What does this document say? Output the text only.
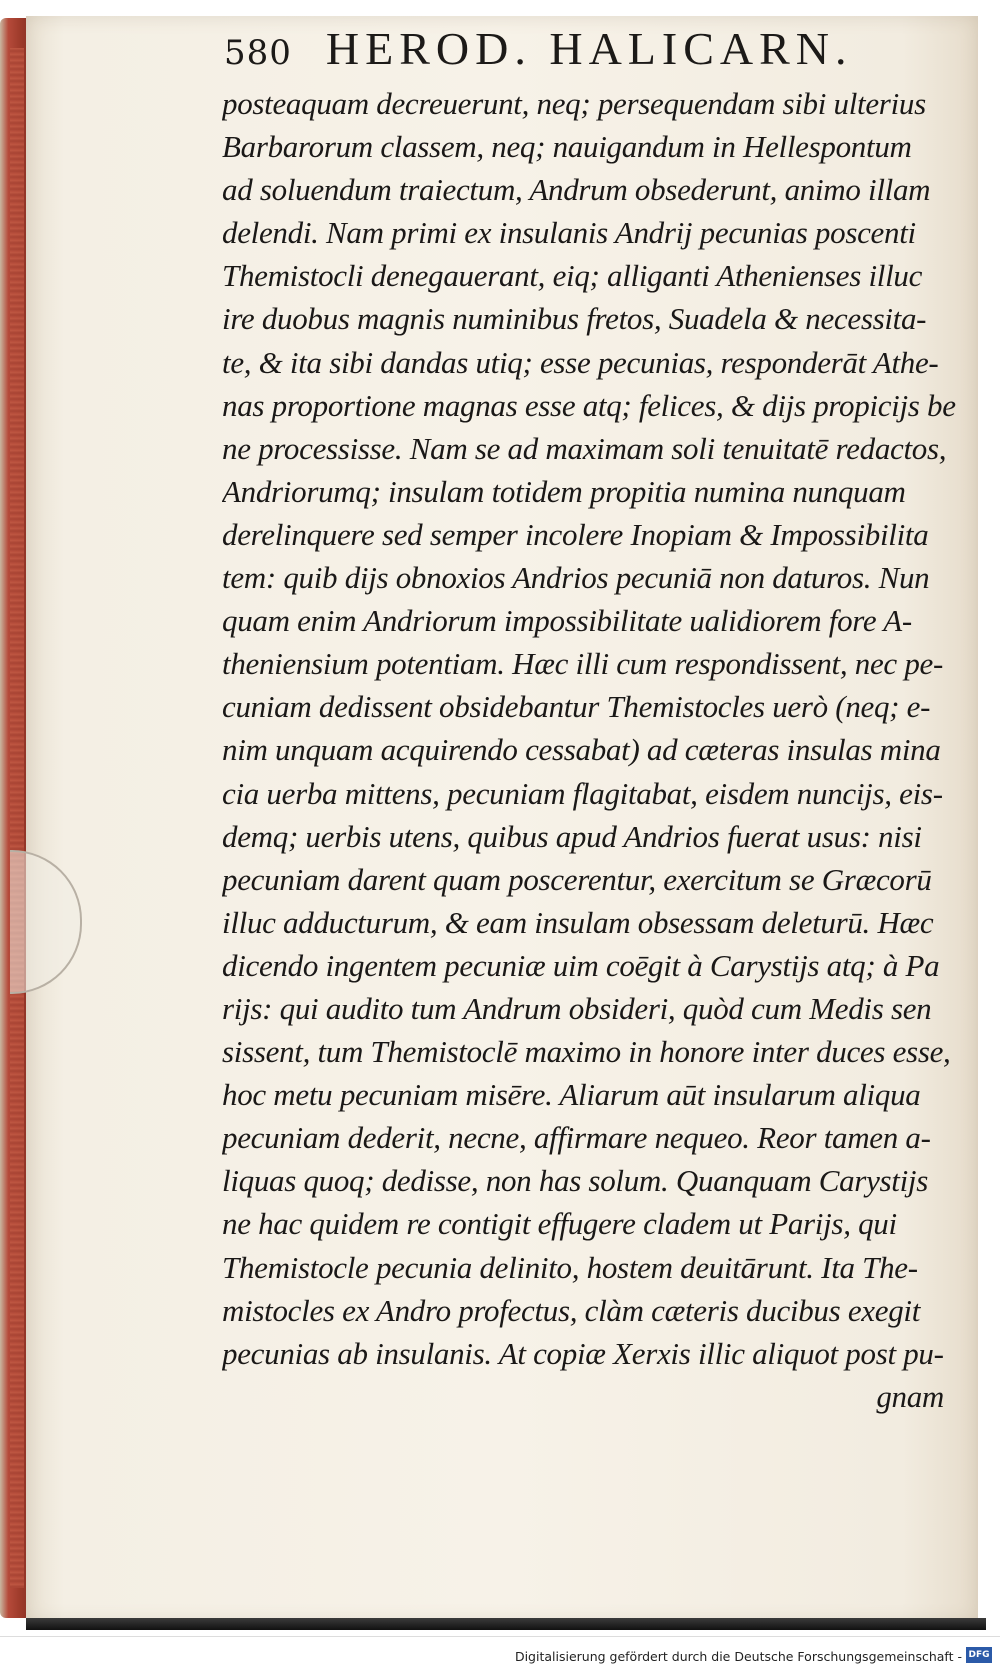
580 HEROD. HALICARN.
posteaquam decreuerunt, neq; persequendam sibi ulterius
Barbarorum classem, neq; nauigandum in Hellespontum
ad soluendum traiectum, Andrum obsederunt, animo illam
delendi. Nam primi ex insulanis Andrij pecunias poscenti
Themistocli denegauerant, eiq; alliganti Athenienses illuc
ire duobus magnis numinibus fretos, Suadela & necessita-
te, & ita sibi dandas utiq; esse pecunias, responderāt Athe-
nas proportione magnas esse atq; felices, & dijs propicijs be
ne processisse. Nam se ad maximam soli tenuitatē redactos,
Andriorumq; insulam totidem propitia numina nunquam
derelinquere sed semper incolere Inopiam & Impossibilita
tem: quib dijs obnoxios Andrios pecuniā non daturos. Nun
quam enim Andriorum impossibilitate ualidiorem fore A-
theniensium potentiam. Hæc illi cum respondissent, nec pe-
cuniam dedissent obsidebantur Themistocles uerò (neq; e-
nim unquam acquirendo cessabat) ad cæteras insulas mina
cia uerba mittens, pecuniam flagitabat, eisdem nuncijs, eis-
demq; uerbis utens, quibus apud Andrios fuerat usus: nisi
pecuniam darent quam poscerentur, exercitum se Græcorū
illuc adducturum, & eam insulam obsessam deleturū. Hæc
dicendo ingentem pecuniæ uim coēgit à Carystijs atq; à Pa
rijs: qui audito tum Andrum obsideri, quòd cum Medis sen
sissent, tum Themistoclē maximo in honore inter duces esse,
hoc metu pecuniam misēre. Aliarum aūt insularum aliqua
pecuniam dederit, necne, affirmare nequeo. Reor tamen a-
liquas quoq; dedisse, non has solum. Quanquam Carystijs
ne hac quidem re contigit effugere cladem ut Parijs, qui
Themistocle pecunia delinito, hostem deuitārunt. Ita The-
mistocles ex Andro profectus, clàm cæteris ducibus exegit
pecunias ab insulanis. At copiæ Xerxis illic aliquot post pu-
gnam
Digitalisierung gefördert durch die Deutsche Forschungsgemeinschaft - DFG
